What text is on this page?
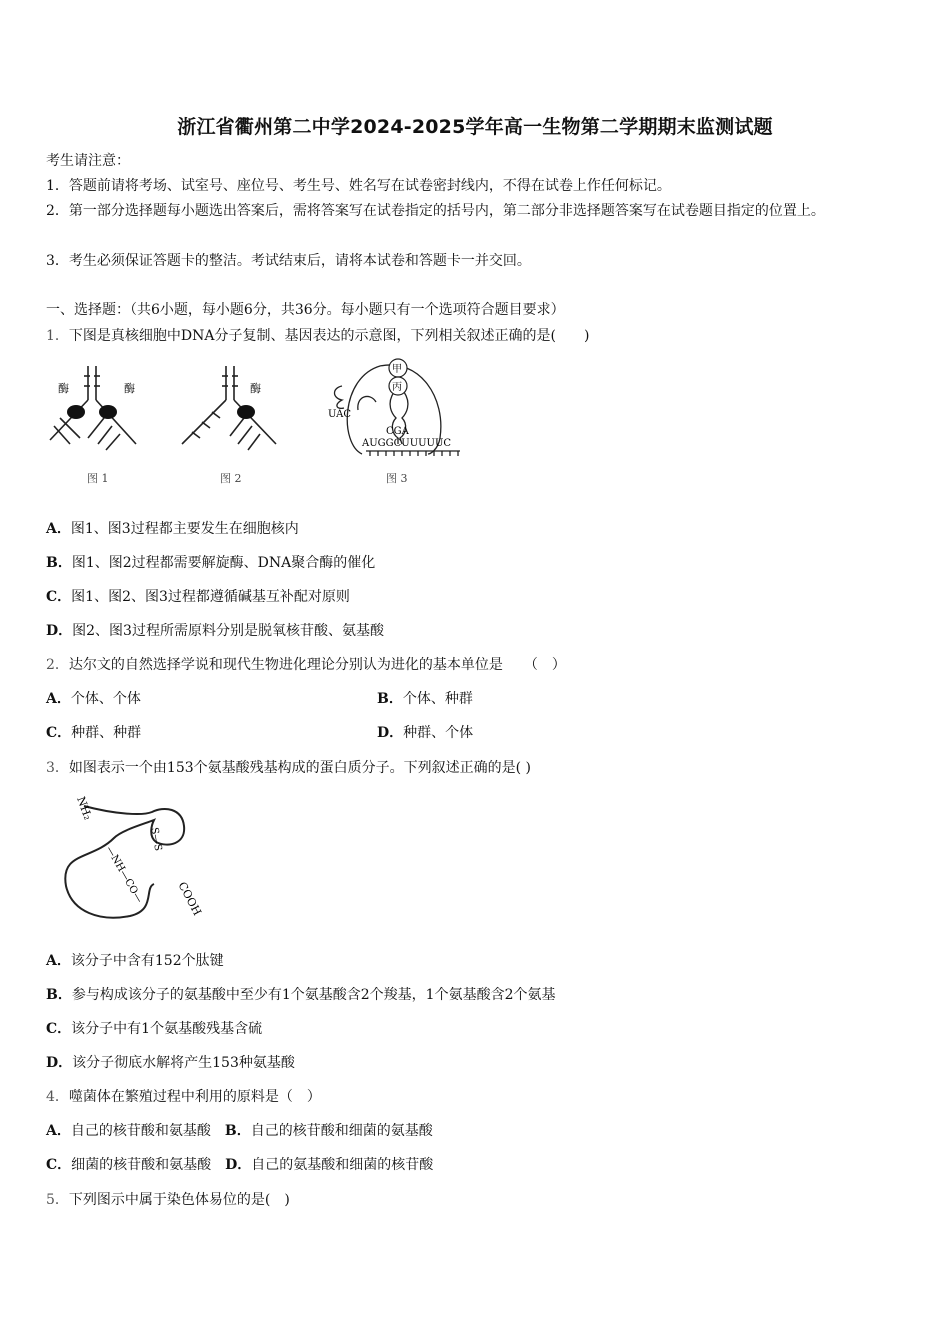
浙江省衢州第二中学2024-2025学年高一生物第二学期期末监测试题
考生请注意：
1．答题前请将考场、试室号、座位号、考生号、姓名写在试卷密封线内，不得在试卷上作任何标记。
2．第一部分选择题每小题选出答案后，需将答案写在试卷指定的括号内，第二部分非选择题答案写在试卷题目指定的位置上。
3．考生必须保证答题卡的整洁。考试结束后，请将本试卷和答题卡一并交回。
一、选择题：（共6小题，每小题6分，共36分。每小题只有一个选项符合题目要求）
1．下图是真核细胞中DNA分子复制、基因表达的示意图，下列相关叙述正确的是(　　)
酶	酶
图 1
酶
图 2
甲
丙
UAC
CGA
AUGGCUUUUUC
图 3
A．图1、图3过程都主要发生在细胞核内
B．图1、图2过程都需要解旋酶、DNA聚合酶的催化
C．图1、图2、图3过程都遵循碱基互补配对原则
D．图2、图3过程所需原料分别是脱氧核苷酸、氨基酸
2．达尔文的自然选择学说和现代生物进化理论分别认为进化的基本单位是　　（　）
A．个体、个体	B．个体、种群
C．种群、种群	D．种群、个体
3．如图表示一个由153个氨基酸残基构成的蛋白质分子。下列叙述正确的是( )
NH₂
S—S
—NH—CO—	COOH
A．该分子中含有152个肽键
B．参与构成该分子的氨基酸中至少有1个氨基酸含2个羧基，1个氨基酸含2个氨基
C．该分子中有1个氨基酸残基含硫
D．该分子彻底水解将产生153种氨基酸
4．噬菌体在繁殖过程中利用的原料是（　）
A．自己的核苷酸和氨基酸　 B．自己的核苷酸和细菌的氨基酸
C．细菌的核苷酸和氨基酸　 D．自己的氨基酸和细菌的核苷酸
5．下列图示中属于染色体易位的是(　)
